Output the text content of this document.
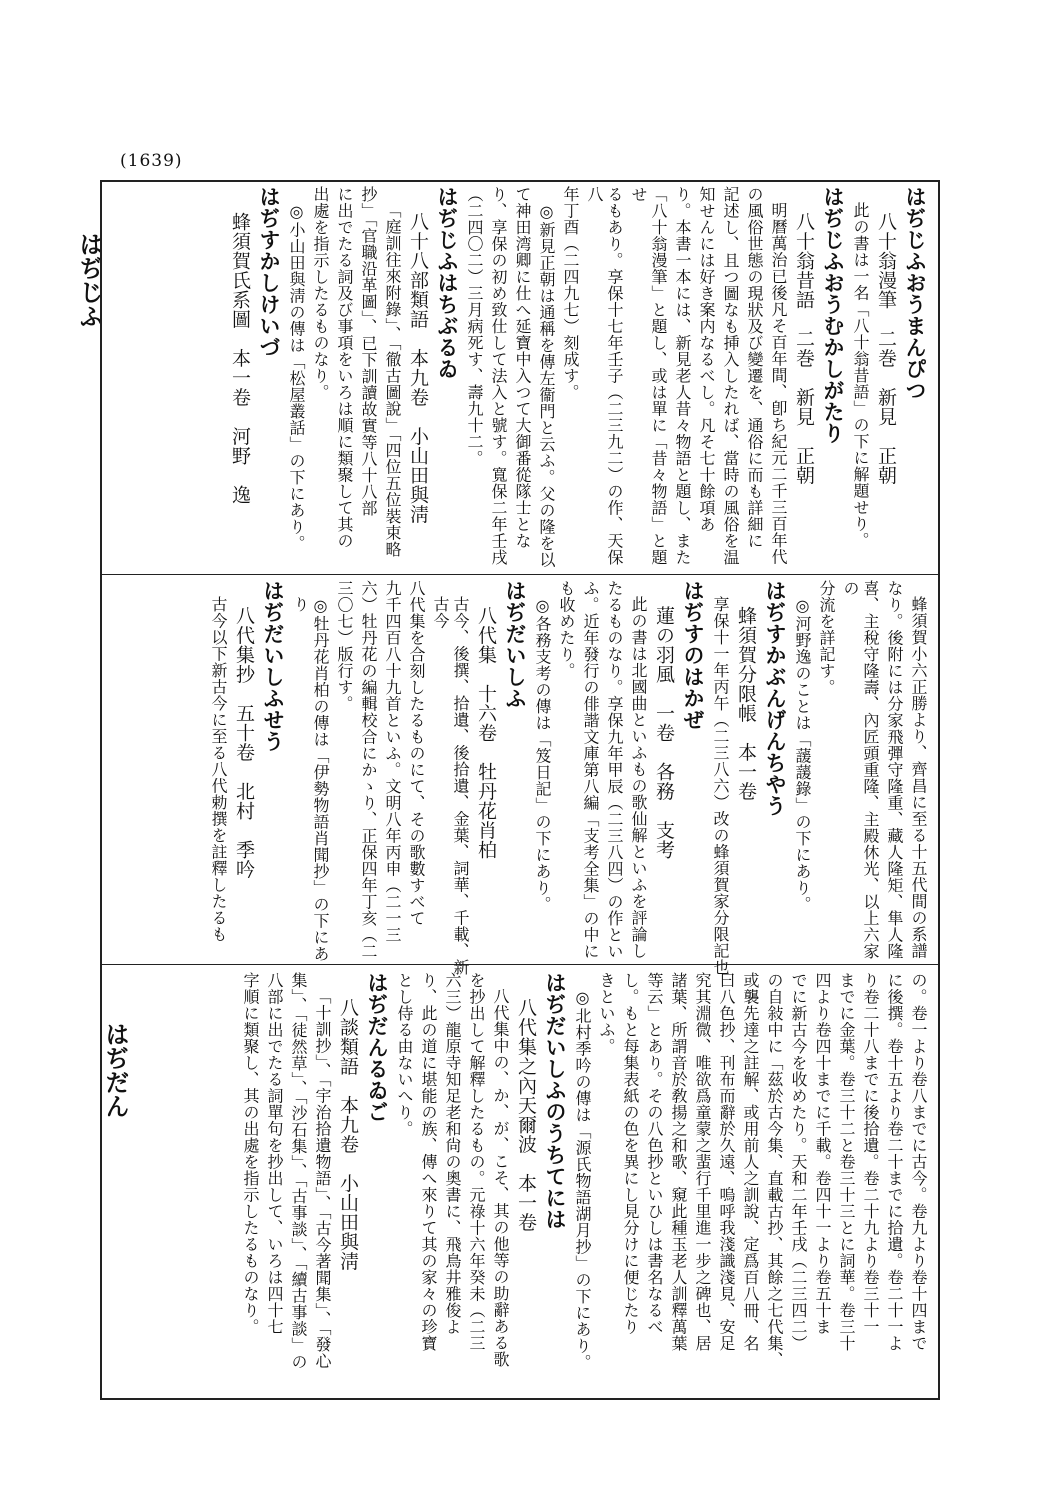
(1639)
はぢじふ
はぢだん
はぢじふおうまんぴつ
八十翁漫筆　二巻　新見　正朝
此の書は一名「八十翁昔語」の下に解題せり。
はぢじふおうむかしがたり
八十翁昔語　二巻　新見　正朝
明曆萬治已後凡そ百年間、卽ち紀元二千三百年代
の風俗世態の現狀及び變遷を、通俗に而も詳細に
記述し、且つ圖なも挿入したれば、當時の風俗を温
知せんには好き案内なるべし。凡そ七十餘項あ
り。本書一本には、新見老人昔々物語と題し、また
「八十翁漫筆」と題し、或は單に「昔々物語」と題せ
るもあり。享保十七年壬子（二三九二）の作、天保八
年丁酉（二四九七）刻成す。
◎新見正朝は通稱を傳左衞門と云ふ。父の隆を以
て神田湾卿に仕へ延寶中入つて大御番從隊士とな
り、享保の初め致仕して法入と號す。寬保二年壬戌
（二四〇二）三月病死す、壽九十二。
はぢじふはちぶるゐ
八十八部類語　本九卷　小山田與淸
「庭訓往來附錄」、「徹古圖說」「四位五位裝束略
抄」「官職沿革圖」、已下訓讀故實等八十八部
に出でたる詞及び事項をいろは順に類聚して其の
出處を指示したるものなり。
◎小山田與淸の傳は「松屋叢話」の下にあり。
はぢすかしけいづ
蜂須賀氏系圖　本一卷　河野　逸
蜂須賀小六正勝より、齊昌に至る十五代間の系譜
なり。後附には分家飛彈守隆重、藏人隆矩、隼人隆
喜、主稅守隆壽、內匠頭重隆、主殿休光、以上六家の
分流を詳記す。
◎河野逸のことは「蘐蘐錄」の下にあり。
はぢすかぶんげんちやう
蜂須賀分限帳　本一卷
享保十一年丙午（二三八六）改の蜂須賀家分限記也
はぢすのはかぜ
蓮の羽風　一卷　各務　支考
此の書は北國曲といふもの歌仙解といふを評論し
たるものなり。享保九年甲辰（二三八四）の作とい
ふ。近年發行の俳諧文庫第八編「支考全集」の中に
も收めたり。
◎各務支考の傳は「笈日記」の下にあり。
はぢだいしふ
八代集　十六卷　牡丹花肖柏
古今、後撰、拾遺、後拾遺、金葉、詞華、千載、新古今
八代集を合刻したるものにて、その歌數すべて
九千四百八十九首といふ。文明八年丙申（二一三
六）牡丹花の編輯校合にかゝり、正保四年丁亥（二
三〇七）版行す。
◎牡丹花肖柏の傳は「伊勢物語肖聞抄」の下にあり
はぢだいしふせう
八代集抄　五十卷　北村　季吟
古今以下新古今に至る八代勅撰を註釋したるも
の。卷一より卷八までに古今。卷九より卷十四まで
に後撰。卷十五より卷二十までに拾遺。卷二十一よ
り卷二十八までに後拾遺。卷二十九より卷三十一
までに金葉。卷三十二と卷三十三とに詞華。卷三十
四より卷四十までに千載。卷四十一より卷五十ま
でに新古今を收めたり。天和二年壬戌（二三四二）
の自敍中に「茲於古今集、直載古抄、其餘之七代集、
或襲先達之註解、或用前人之訓說、定爲百八冊、名
曰八色抄、刊布而辭於久遠、嗚呼我淺識淺見、安足
究其淵微、唯欲爲童蒙之蜚行千里進一步之碑也、居
諸葉、所謂音於敎揚之和歌、窺此種玉老人訓釋萬葉
等云」とあり。その八色抄といひしは書名なるべ
し。もと每集表紙の色を異にし見分けに便じたり
きといふ。
◎北村季吟の傳は「源氏物語湖月抄」の下にあり。
はぢだいしふのうちてには
八代集之內天爾波　本一卷
八代集中の、か、が、こそ、其の他等の助辭ある歌
を抄出して解釋したるもの。元祿十六年癸未（二三
六三）龍原寺知足老和尙の奧書に、飛鳥井雅俊よ
り、此の道に堪能の族、傳へ來りて其の家々の珍寶
とし侍る由ないへり。
はぢだんるゐご
八談類語　本九卷　小山田與淸
「十訓抄」、「宇治拾遺物語」、「古今著聞集」、「發心
集」、「徒然草」、「沙石集」、「古事談」、「續古事談」の
八部に出でたる詞單句を抄出して、いろは四十七
字順に類聚し、其の出處を指示したるものなり。
